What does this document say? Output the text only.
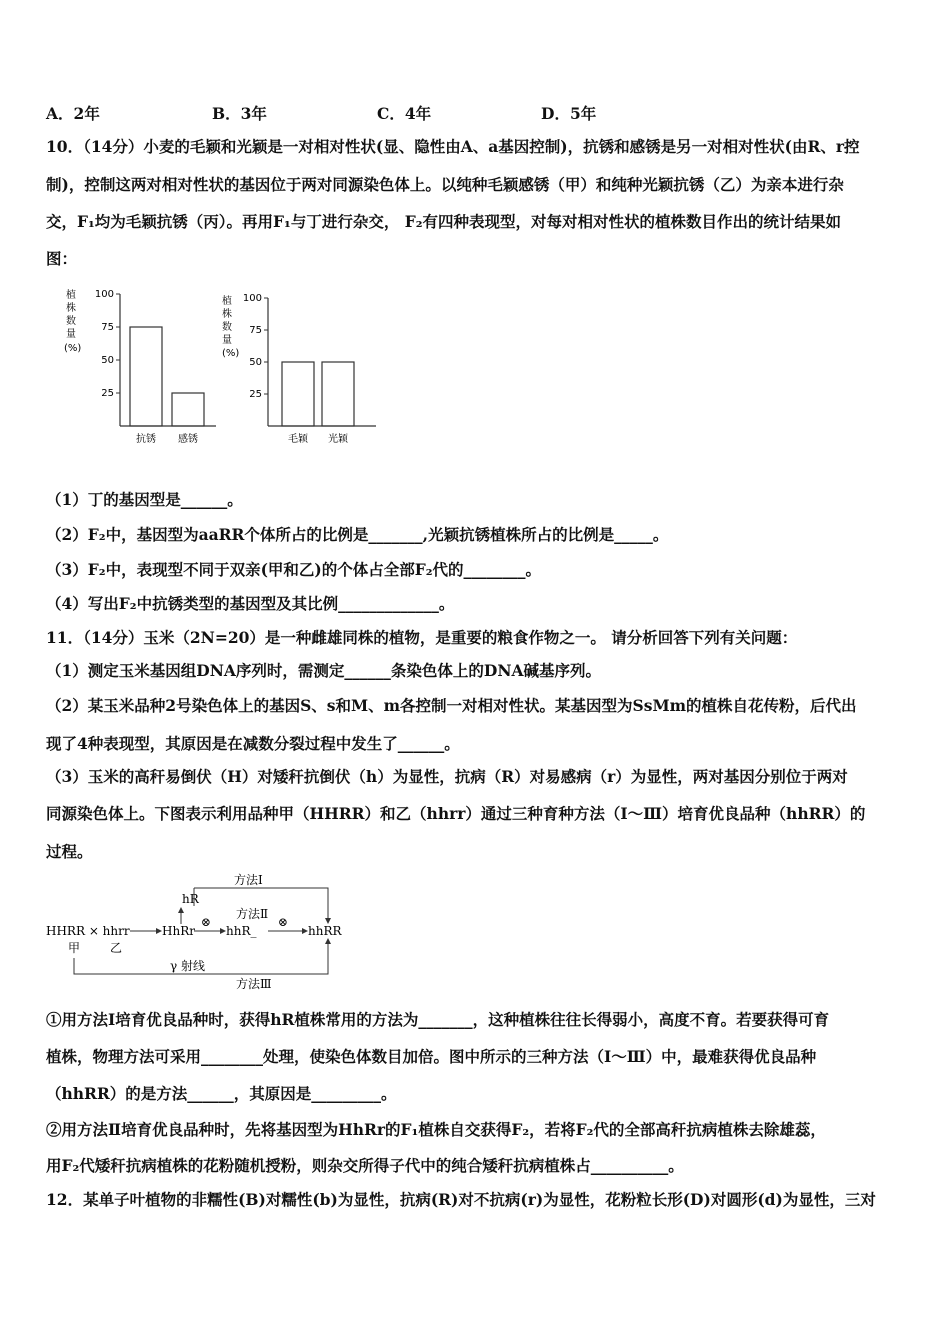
A．2年	B．3年	C．4年	D．5年
10．（14分）小麦的毛颖和光颖是一对相对性状(显、隐性由A、a基因控制)，抗锈和感锈是另一对相对性状(由R、r控
制)，控制这两对相对性状的基因位于两对同源染色体上。以纯种毛颖感锈（甲）和纯种光颖抗锈（乙）为亲本进行杂
交，F₁均为毛颖抗锈（丙）。再用F₁与丁进行杂交， F₂有四种表现型，对每对相对性状的植株数目作出的统计结果如
图：
植
株
数
量
(%)
100
75
50
25
抗锈 感锈
植
株
数
量
(%)
100
75
50
25
毛颖 光颖
（1）丁的基因型是______。
（2）F₂中，基因型为aaRR个体所占的比例是_______,光颖抗锈植株所占的比例是_____。
（3）F₂中，表现型不同于双亲(甲和乙)的个体占全部F₂代的________。
（4）写出F₂中抗锈类型的基因型及其比例_____________。
11．（14分）玉米（2N=20）是一种雌雄同株的植物，是重要的粮食作物之一。 请分析回答下列有关问题：
（1）测定玉米基因组DNA序列时，需测定______条染色体上的DNA碱基序列。
（2）某玉米品种2号染色体上的基因S、s和M、m各控制一对相对性状。某基因型为SsMm的植株自花传粉，后代出
现了4种表现型，其原因是在减数分裂过程中发生了______。
（3）玉米的高秆易倒伏（H）对矮秆抗倒伏（h）为显性，抗病（R）对易感病（r）为显性，两对基因分别位于两对
同源染色体上。下图表示利用品种甲（HHRR）和乙（hhrr）通过三种育种方法（Ⅰ～Ⅲ）培育优良品种（hhRR）的
过程。
方法Ⅰ
hR
方法Ⅱ
HHRR × hhrr	HhRr
⊗
hhR_
⊗
hhRR
甲 乙
γ 射线
方法Ⅲ
①用方法Ⅰ培育优良品种时，获得hR植株常用的方法为_______，这种植株往往长得弱小，高度不育。若要获得可育
植株，物理方法可采用________处理，使染色体数目加倍。图中所示的三种方法（Ⅰ～Ⅲ）中，最难获得优良品种
（hhRR）的是方法______，其原因是_________。
②用方法Ⅱ培育优良品种时，先将基因型为HhRr的F₁植株自交获得F₂，若将F₂代的全部高秆抗病植株去除雄蕊，
用F₂代矮秆抗病植株的花粉随机授粉，则杂交所得子代中的纯合矮秆抗病植株占__________。
12．某单子叶植物的非糯性(B)对糯性(b)为显性，抗病(R)对不抗病(r)为显性，花粉粒长形(D)对圆形(d)为显性，三对
